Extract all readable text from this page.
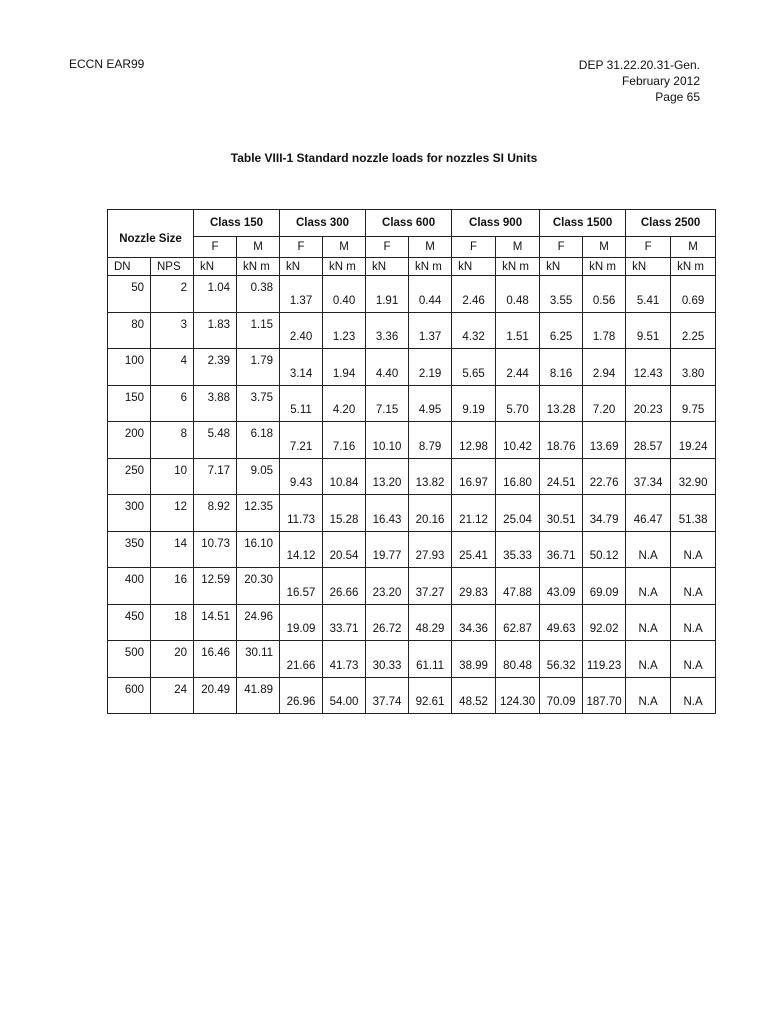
ECCN EAR99	DEP 31.22.20.31-Gen.
February 2012
Page 65
Table VIII-1 Standard nozzle loads for nozzles SI Units
Nozzle Size		Class 150		Class 300		Class 600		Class 900		Class 1500		Class 2500	
		F	M	F	M	F	M	F	M	F	M	F	M
DN	NPS	kN	kN m	kN	kN m	kN	kN m	kN	kN m	kN	kN m	kN	kN m
50	2	1.04	0.38	1.37	0.40	1.91	0.44	2.46	0.48	3.55	0.56	5.41	0.69
80	3	1.83	1.15	2.40	1.23	3.36	1.37	4.32	1.51	6.25	1.78	9.51	2.25
100	4	2.39	1.79	3.14	1.94	4.40	2.19	5.65	2.44	8.16	2.94	12.43	3.80
150	6	3.88	3.75	5.11	4.20	7.15	4.95	9.19	5.70	13.28	7.20	20.23	9.75
200	8	5.48	6.18	7.21	7.16	10.10	8.79	12.98	10.42	18.76	13.69	28.57	19.24
250	10	7.17	9.05	9.43	10.84	13.20	13.82	16.97	16.80	24.51	22.76	37.34	32.90
300	12	8.92	12.35	11.73	15.28	16.43	20.16	21.12	25.04	30.51	34.79	46.47	51.38
350	14	10.73	16.10	14.12	20.54	19.77	27.93	25.41	35.33	36.71	50.12	N.A	N.A
400	16	12.59	20.30	16.57	26.66	23.20	37.27	29.83	47.88	43.09	69.09	N.A	N.A
450	18	14.51	24.96	19.09	33.71	26.72	48.29	34.36	62.87	49.63	92.02	N.A	N.A
500	20	16.46	30.11	21.66	41.73	30.33	61.11	38.99	80.48	56.32	119.23	N.A	N.A
600	24	20.49	41.89	26.96	54.00	37.74	92.61	48.52	124.30	70.09	187.70	N.A	N.A
